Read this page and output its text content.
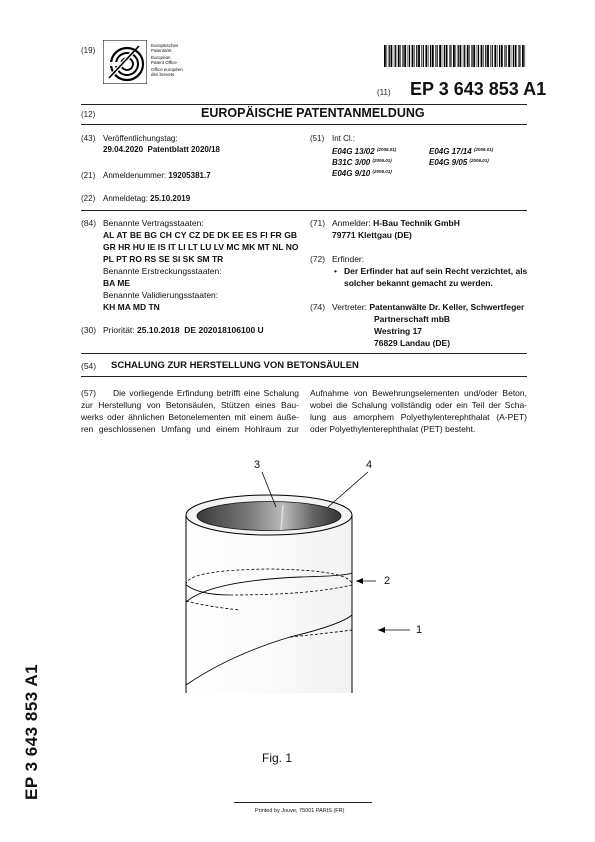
(19)
Europäisches
Patentamt
European
Patent Office
Office européen
des brevets
(11) EP 3 643 853 A1
(12)	EUROPÄISCHE PATENTANMELDUNG
(43) Veröffentlichungstag:
29.04.2020  Patentblatt 2020/18
(21) Anmeldenummer: 19205381.7
(22) Anmeldetag: 25.10.2019
(51) Int Cl.:
E04G 13/02 $^{(2006.01)}$	E04G 17/14 $^{(2006.01)}$
B31C 3/00 $^{(2006.01)}$	E04G 9/05 $^{(2006.01)}$
E04G 9/10 $^{(2006.01)}$
(84) Benannte Vertragsstaaten:
AL AT BE BG CH CY CZ DE DK EE ES FI FR GB
GR HR HU IE IS IT LI LT LU LV MC MK MT NL NO
PL PT RO RS SE SI SK SM TR
Benannte Erstreckungsstaaten:
BA ME
Benannte Validierungsstaaten:
KH MA MD TN
(30) Priorität: 25.10.2018  DE 202018106100 U
(71) Anmelder: H-Bau Technik GmbH
79771 Klettgau (DE)
(72) Erfinder:
• Der Erfinder hat auf sein Recht verzichtet, als
solcher bekannt gemacht zu werden.
(74) Vertreter: Patentanwälte Dr. Keller, Schwertfeger
Partnerschaft mbB
Westring 17
76829 Landau (DE)
(54) SCHALUNG ZUR HERSTELLUNG VON BETONSÄULEN
(57) Die vorliegende Erfindung betrifft eine Schalung
zur Herstellung von Betonsäulen, Stützen eines Bau-
werks oder ähnlichen Betonelementen mit einem äuße-
ren geschlossenen Umfang und einem Hohlraum zur
Aufnahme von Bewehrungselementen und/oder Beton,
wobei die Schalung vollständig oder ein Teil der Scha-
lung aus amorphem Polyethylenterephthalat (A-PET)
oder Polyethylenterephthalat (PET) besteht.
3	4
2
1
Fig. 1
EP 3 643 853 A1
Printed by Jouve, 75001 PARIS (FR)
